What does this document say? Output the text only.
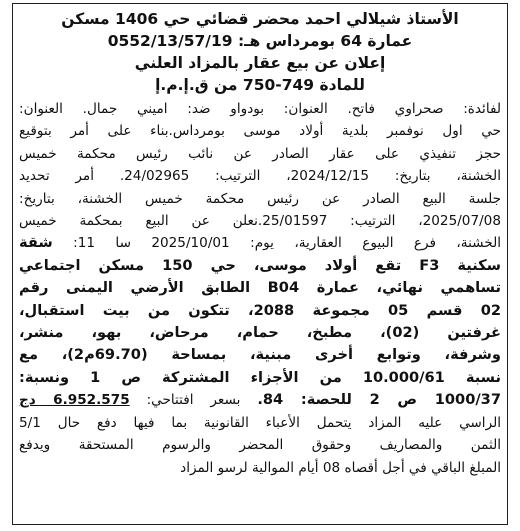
الأستاذ شيلالي احمد محضر قضائي حي 1406 مسكن
عمارة 64 بومرداس هـ: 0552/13/57/19
إعلان عن بيع عقار بالمزاد العلني
للمادة 749-750 من ق.إ.م.إ
لفائدة: صحراوي فاتح. العنوان: بودواو ضد: اميني جمال. العنوان:
حي اول نوفمبر بلدية أولاد موسى بومرداس.بناء على أمر بتوقيع
حجز تنفيذي على عقار الصادر عن نائب رئيس محكمة خميس
الخشنة، بتاريخ: 2024/12/15، الترتيب: 24/02965. أمر تحديد
جلسة البيع الصادر عن رئيس محكمة خميس الخشنة، بتاريخ:
2025/07/08، الترتيب: 25/01597.نعلن عن البيع بمحكمة خميس
الخشنة، فرع البيوع العقارية، يوم: 2025/10/01 سا 11: شقة
سكنية F3 تقع أولاد موسى، حي 150 مسكن اجتماعي
تساهمي نهائي، عمارة B04 الطابق الأرضي اليمنى رقم
02 قسم 05 مجموعة 2088، تتكون من بيت استقبال،
غرفتين (02)، مطبخ، حمام، مرحاض، بهو، منشر،
وشرفة، وتوابع أخرى مبنية، بمساحة (69.70م2)، مع
نسبة 10.000/61 من الأجزاء المشتركة ص 1 ونسبة:
1000/37 ص 2 للحصة: 84. بسعر افتتاحي: 6.952.575 دج
الراسي عليه المزاد يتحمل الأعباء القانونية بما فيها دفع حال 5/1
الثمن والمصاريف وحقوق المحضر والرسوم المستحقة ويدفع
المبلغ الباقي في أجل أقصاه 08 أيام الموالية لرسو المزاد
